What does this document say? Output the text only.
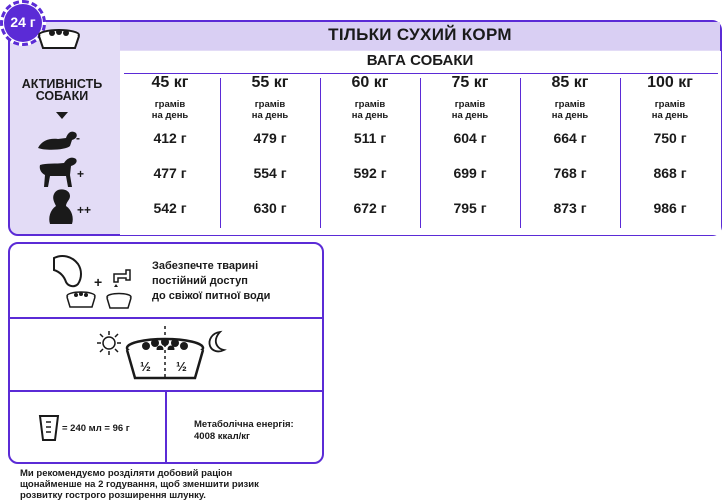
ТІЛЬКИ СУХИЙ КОРМ
ВАГА СОБАКИ
АКТИВНІСТЬ СОБАКИ
45 кг	55 кг	60 кг	75 кг	85 кг	100 кг
грамів
на день
грамів
на день
грамів
на день
грамів
на день
грамів
на день
грамів
на день
412 г	479 г	511 г	604 г	664 г	750 г
477 г	554 г	592 г	699 г	768 г	868 г
542 г	630 г	672 г	795 г	873 г	986 г
-
+
++
24 г
+
Забезпечте тварині
постійний доступ
до свіжої питної води
½ ½
= 240 мл = 96 г	Метаболічна енергія:
4008 ккал/кг
Ми рекомендуємо розділяти добовий раціон
щонайменше на 2 годування, щоб зменшити ризик
розвитку гострого розширення шлунку.
